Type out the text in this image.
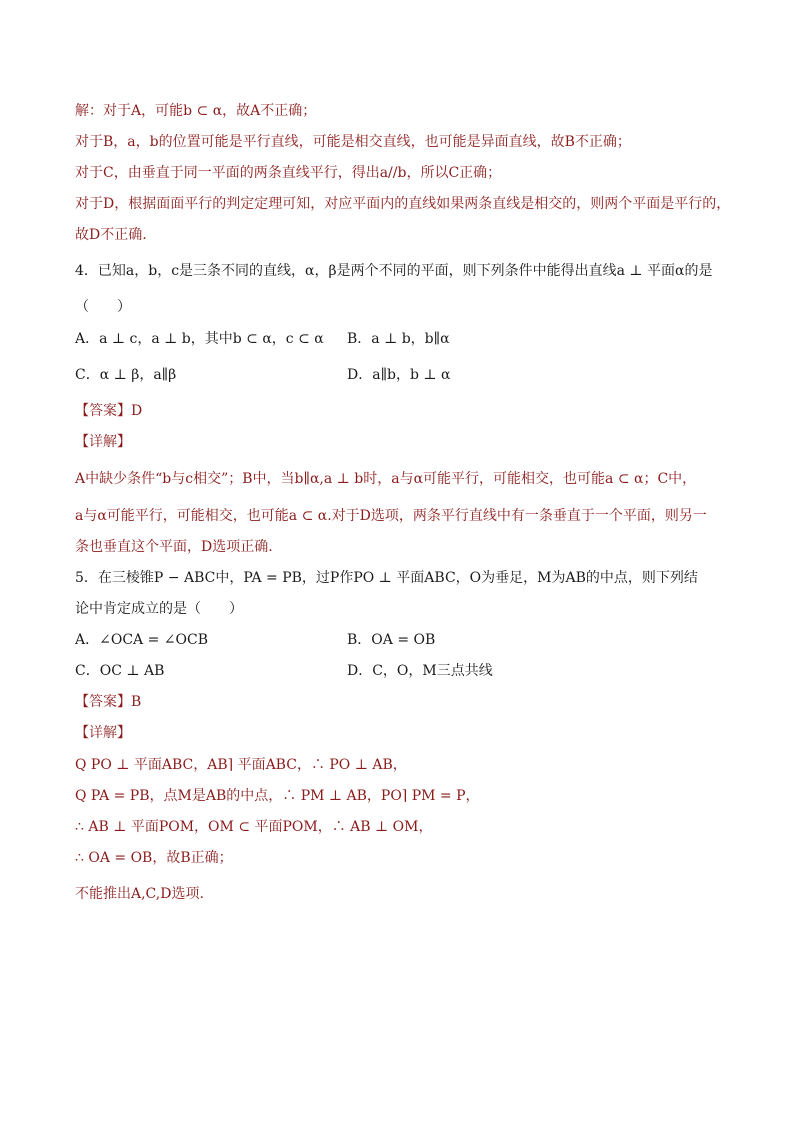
解：对于A，可能b ⊂ α，故A不正确；
对于B，a，b的位置可能是平行直线，可能是相交直线，也可能是异面直线，故B不正确；
对于C，由垂直于同一平面的两条直线平行，得出a//b，所以C正确；
对于D，根据面面平行的判定定理可知，对应平面内的直线如果两条直线是相交的，则两个平面是平行的，
故D不正确.
4．已知a，b，c是三条不同的直线，α，β是两个不同的平面，则下列条件中能得出直线a ⊥ 平面α的是
（　　）
A．a ⊥ c，a ⊥ b，其中b ⊂ α，c ⊂ α B．a ⊥ b，b∥α
C．α ⊥ β，a∥β	D．a∥b，b ⊥ α
【答案】D
【详解】
A中缺少条件“b与c相交”；B中，当b∥α,a ⊥ b时，a与α可能平行，可能相交，也可能a ⊂ α；C中，
a与α可能平行，可能相交，也可能a ⊂ α.对于D选项，两条平行直线中有一条垂直于一个平面，则另一
条也垂直这个平面，D选项正确.
5．在三棱锥P − ABC中，PA = PB，过P作PO ⊥ 平面ABC，O为垂足，M为AB的中点，则下列结
论中肯定成立的是（　　）
A．∠OCA = ∠OCB	B．OA = OB
C．OC ⊥ AB	D．C，O，M三点共线
【答案】B
【详解】
Q PO ⊥ 平面ABC，AB⌉ 平面ABC，∴ PO ⊥ AB，
Q PA = PB，点M是AB的中点，∴ PM ⊥ AB，PO⌉ PM = P，
∴ AB ⊥ 平面POM，OM ⊂ 平面POM，∴ AB ⊥ OM，
∴ OA = OB，故B正确；
不能推出A,C,D选项.
